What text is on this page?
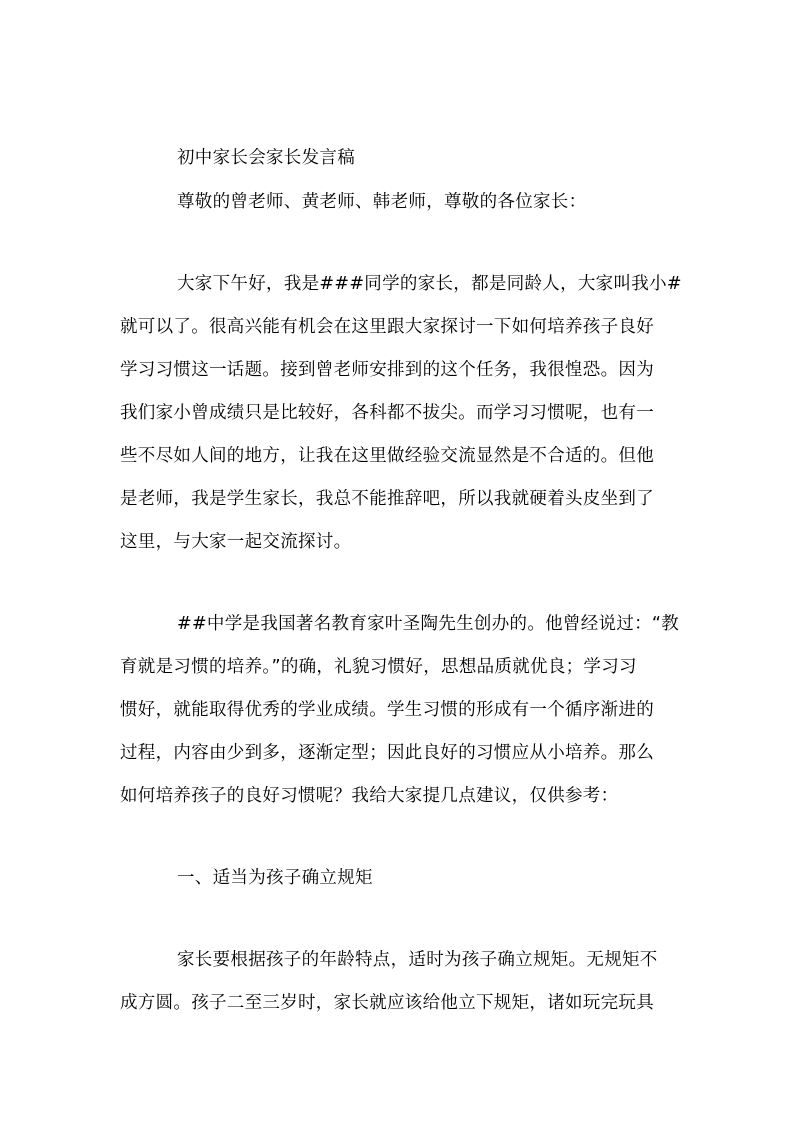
初中家长会家长发言稿
尊敬的曾老师、黄老师、韩老师，尊敬的各位家长：
大家下午好，我是###同学的家长，都是同龄人，大家叫我小#
就可以了。很高兴能有机会在这里跟大家探讨一下如何培养孩子良好
学习习惯这一话题。接到曾老师安排到的这个任务，我很惶恐。因为
我们家小曾成绩只是比较好，各科都不拔尖。而学习习惯呢，也有一
些不尽如人间的地方，让我在这里做经验交流显然是不合适的。但他
是老师，我是学生家长，我总不能推辞吧，所以我就硬着头皮坐到了
这里，与大家一起交流探讨。
##中学是我国著名教育家叶圣陶先生创办的。他曾经说过：“教
育就是习惯的培养。”的确，礼貌习惯好，思想品质就优良；学习习
惯好，就能取得优秀的学业成绩。学生习惯的形成有一个循序渐进的
过程，内容由少到多，逐渐定型；因此良好的习惯应从小培养。那么
如何培养孩子的良好习惯呢？我给大家提几点建议，仅供参考：
一、适当为孩子确立规矩
家长要根据孩子的年龄特点，适时为孩子确立规矩。无规矩不
成方圆。孩子二至三岁时，家长就应该给他立下规矩，诸如玩完玩具
